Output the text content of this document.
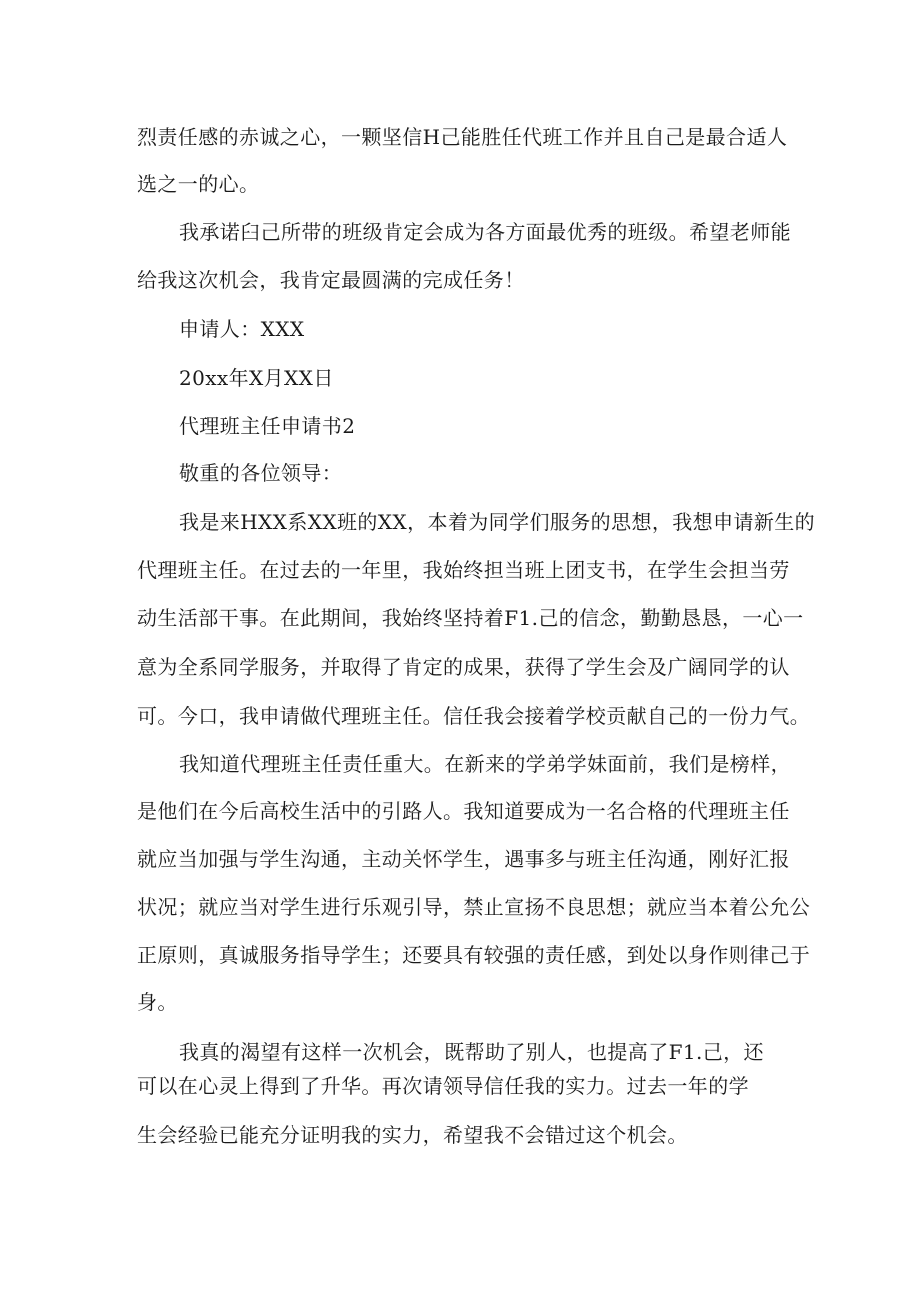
烈责任感的赤诚之心，一颗坚信H己能胜任代班工作并且自己是最合适人
选之一的心。
我承诺臼己所带的班级肯定会成为各方面最优秀的班级。希望老师能
给我这次机会，我肯定最圆满的完成任务！
申请人：XXX
20xx年X月XX日
代理班主任申请书2
敬重的各位领导：
我是来HXX系XX班的XX，本着为同学们服务的思想，我想申请新生的
代理班主任。在过去的一年里，我始终担当班上团支书，在学生会担当劳
动生活部干事。在此期间，我始终坚持着F1.己的信念，勤勤恳恳，一心一
意为全系同学服务，并取得了肯定的成果，获得了学生会及广阔同学的认
可。今口，我申请做代理班主任。信任我会接着学校贡献自己的一份力气。
我知道代理班主任责任重大。在新来的学弟学妹面前，我们是榜样，
是他们在今后高校生活中的引路人。我知道要成为一名合格的代理班主任
就应当加强与学生沟通，主动关怀学生，遇事多与班主任沟通，刚好汇报
状况；就应当对学生进行乐观引导，禁止宣扬不良思想；就应当本着公允公
正原则，真诚服务指导学生；还要具有较强的责任感，到处以身作则律己于
身。
我真的渴望有这样一次机会，既帮助了别人，也提高了F1.己，还
可以在心灵上得到了升华。再次请领导信任我的实力。过去一年的学
生会经验已能充分证明我的实力，希望我不会错过这个机会。
